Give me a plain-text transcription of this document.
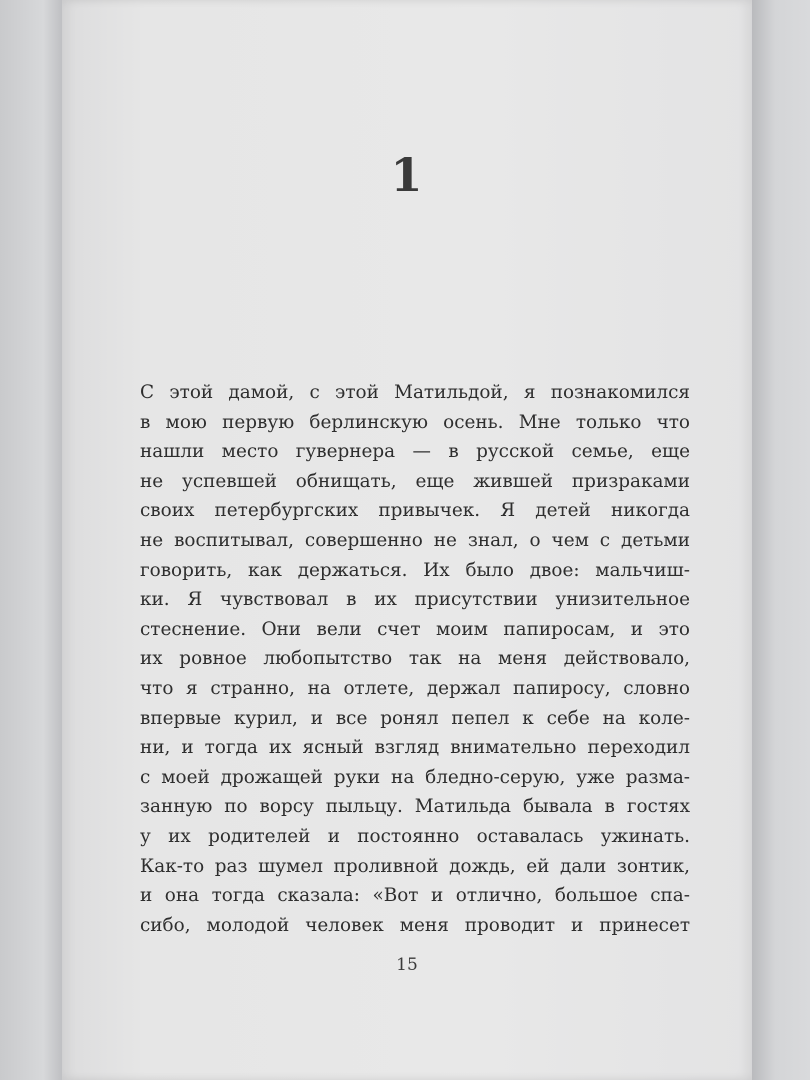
1
С этой дамой, с этой Матильдой, я познакомился
в мою первую берлинскую осень. Мне только что
нашли место гувернера — в русской семье, еще
не успевшей обнищать, еще жившей призраками
своих петербургских привычек. Я детей никогда
не воспитывал, совершенно не знал, о чем с детьми
говорить, как держаться. Их было двое: мальчиш-
ки. Я чувствовал в их присутствии унизительное
стеснение. Они вели счет моим папиросам, и это
их ровное любопытство так на меня действовало,
что я странно, на отлете, держал папиросу, словно
впервые курил, и все ронял пепел к себе на коле-
ни, и тогда их ясный взгляд внимательно переходил
с моей дрожащей руки на бледно-серую, уже разма-
занную по ворсу пыльцу. Матильда бывала в гостях
у их родителей и постоянно оставалась ужинать.
Как-то раз шумел проливной дождь, ей дали зонтик,
и она тогда сказала: «Вот и отлично, большое спа-
сибо, молодой человек меня проводит и принесет
15
